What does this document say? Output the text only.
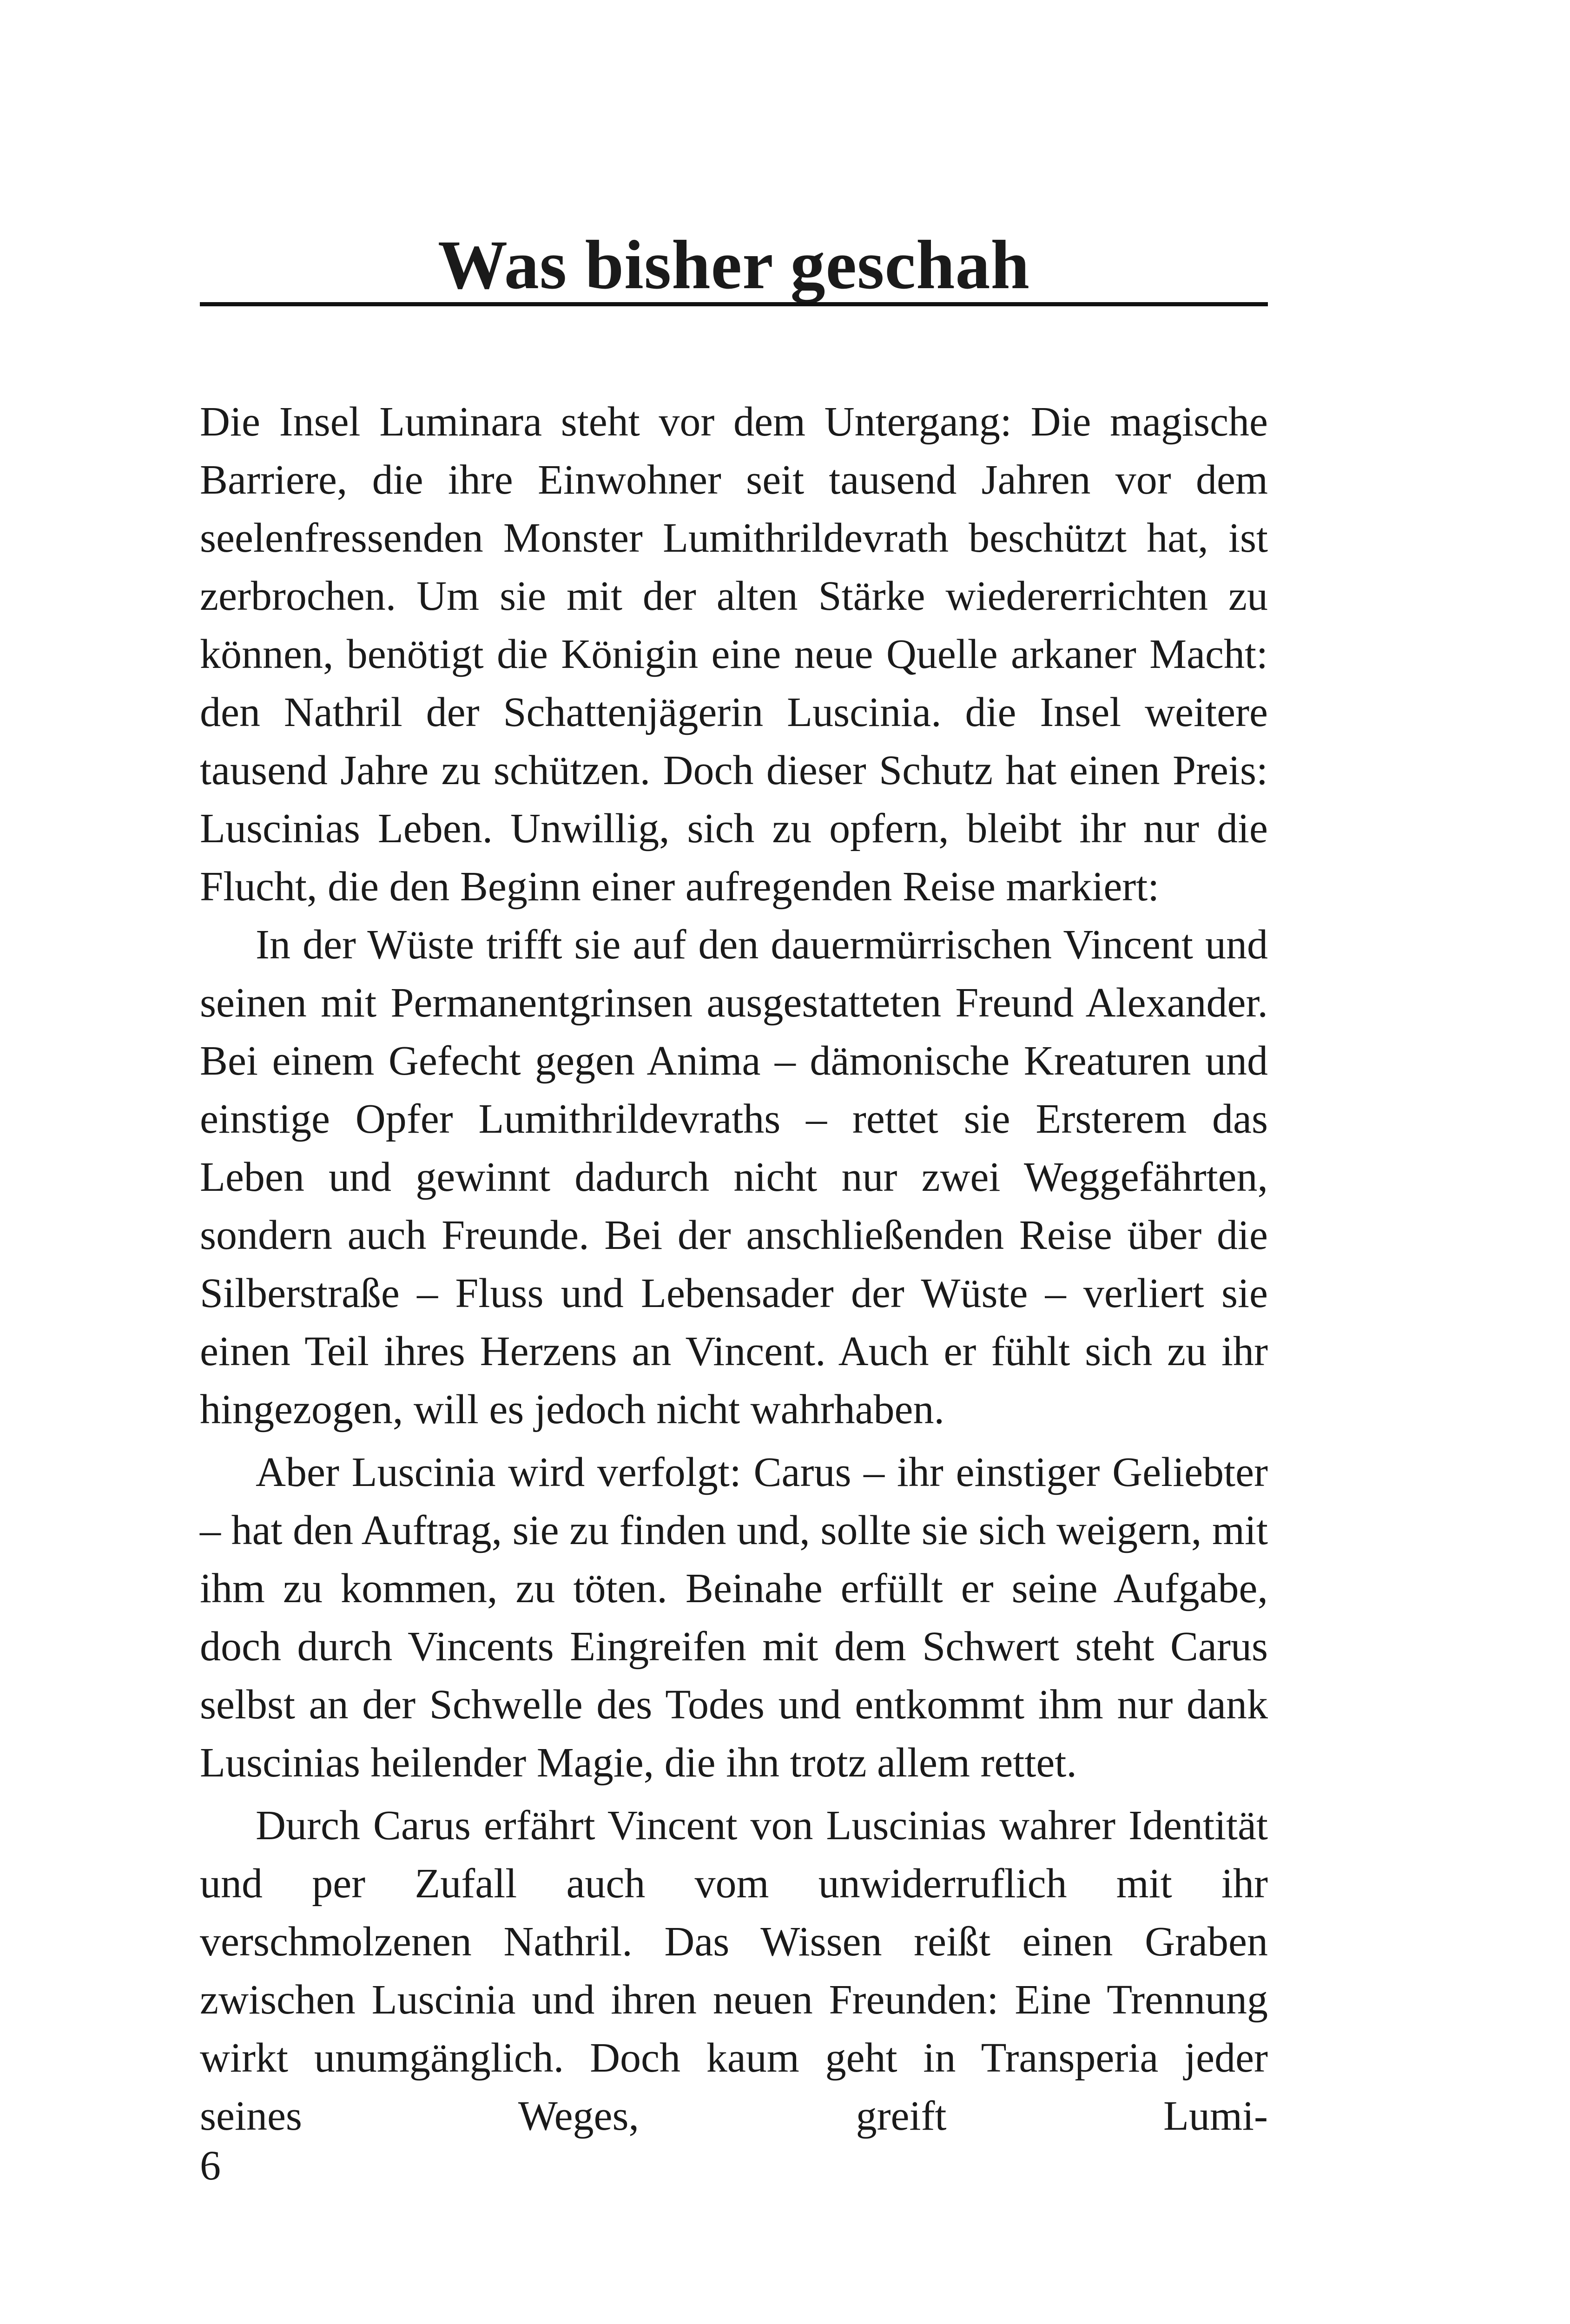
Was bisher geschah

Die Insel Luminara steht vor dem Untergang: Die magische Barriere, die ihre Einwohner seit tausend Jahren vor dem seelenfressenden Monster Lumithrildevrath beschützt hat, ist zerbrochen. Um sie mit der alten Stärke wiedererrichten zu können, benötigt die Königin eine neue Quelle arkaner Macht: den Nathril der Schattenjägerin Luscinia. die Insel weitere tausend Jahre zu schützen. Doch dieser Schutz hat einen Preis: Luscinias Leben. Unwillig, sich zu opfern, bleibt ihr nur die Flucht, die den Beginn einer aufregenden Reise markiert:

In der Wüste trifft sie auf den dauermürrischen Vincent und seinen mit Permanentgrinsen ausgestatteten Freund Alexander. Bei einem Gefecht gegen Anima – dämonische Kreaturen und einstige Opfer Lumithrildevraths – rettet sie Ersterem das Leben und gewinnt dadurch nicht nur zwei Weggefährten, sondern auch Freunde. Bei der anschließenden Reise über die Silberstraße – Fluss und Lebensader der Wüste – verliert sie einen Teil ihres Herzens an Vincent. Auch er fühlt sich zu ihr hingezogen, will es jedoch nicht wahrhaben.

Aber Luscinia wird verfolgt: Carus – ihr einstiger Geliebter – hat den Auftrag, sie zu finden und, sollte sie sich weigern, mit ihm zu kommen, zu töten. Beinahe erfüllt er seine Aufgabe, doch durch Vincents Eingreifen mit dem Schwert steht Carus selbst an der Schwelle des Todes und entkommt ihm nur dank Luscinias heilender Magie, die ihn trotz allem rettet.

Durch Carus erfährt Vincent von Luscinias wahrer Identität und per Zufall auch vom unwiderruflich mit ihr verschmolzenen Nathril. Das Wissen reißt einen Graben zwischen Luscinia und ihren neuen Freunden: Eine Trennung wirkt unumgänglich. Doch kaum geht in Transperia jeder seines Weges, greift Lumi-

6
